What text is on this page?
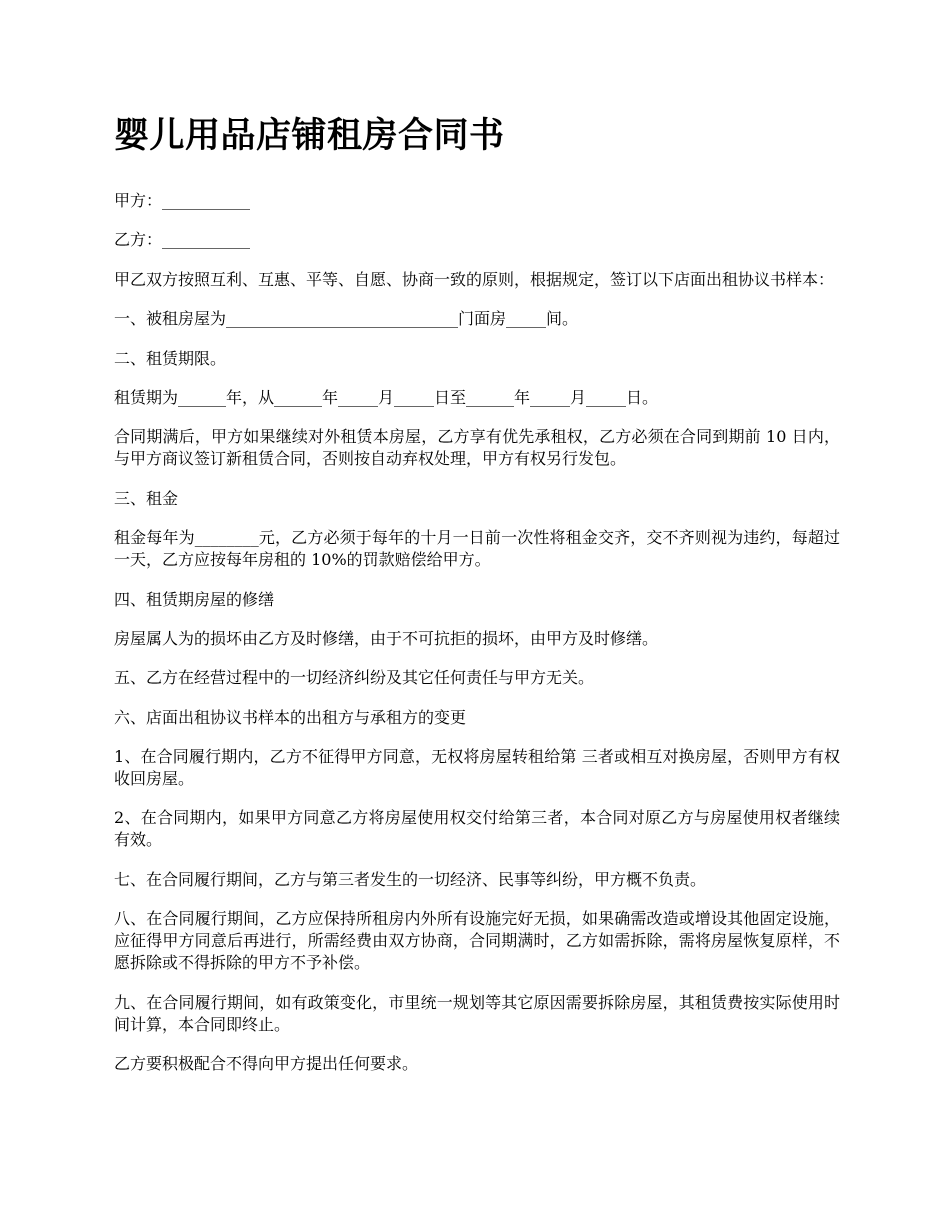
婴儿用品店铺租房合同书

甲方：___________

乙方：___________

甲乙双方按照互利、互惠、平等、自愿、协商一致的原则，根据规定，签订以下店面出租协议书样本：

一、被租房屋为_____________________________门面房_____间。

二、租赁期限。

租赁期为______年，从______年_____月_____日至______年_____月_____日。

合同期满后，甲方如果继续对外租赁本房屋，乙方享有优先承租权，乙方必须在合同到期前 10 日内，与甲方商议签订新租赁合同，否则按自动弃权处理，甲方有权另行发包。

三、租金

租金每年为________元，乙方必须于每年的十月一日前一次性将租金交齐，交不齐则视为违约，每超过一天，乙方应按每年房租的 10%的罚款赔偿给甲方。

四、租赁期房屋的修缮

房屋属人为的损坏由乙方及时修缮，由于不可抗拒的损坏，由甲方及时修缮。

五、乙方在经营过程中的一切经济纠纷及其它任何责任与甲方无关。

六、店面出租协议书样本的出租方与承租方的变更

1、在合同履行期内，乙方不征得甲方同意，无权将房屋转租给第 三者或相互对换房屋，否则甲方有权收回房屋。

2、在合同期内，如果甲方同意乙方将房屋使用权交付给第三者，本合同对原乙方与房屋使用权者继续有效。

七、在合同履行期间，乙方与第三者发生的一切经济、民事等纠纷，甲方概不负责。

八、在合同履行期间，乙方应保持所租房内外所有设施完好无损，如果确需改造或增设其他固定设施，应征得甲方同意后再进行，所需经费由双方协商，合同期满时，乙方如需拆除，需将房屋恢复原样，不愿拆除或不得拆除的甲方不予补偿。

九、在合同履行期间，如有政策变化，市里统一规划等其它原因需要拆除房屋，其租赁费按实际使用时间计算，本合同即终止。

乙方要积极配合不得向甲方提出任何要求。
